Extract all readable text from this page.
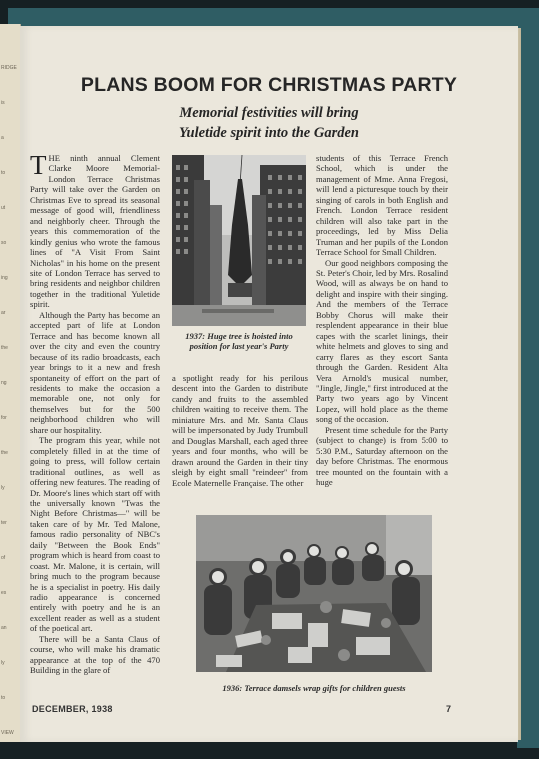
RIDGE
is
a
to
ut
so
ing
ar
the
ng
for
the
ly
ter
of
es
an
ly
to
VIEW
PLANS BOOM FOR CHRISTMAS PARTY
Memorial festivities will bring
Yuletide spirit into the Garden

THE ninth annual Clement Clarke Moore Memorial-London Terrace Christmas Party will take over the Garden on Christmas Eve to spread its seasonal message of good will, friendliness and neighborly cheer. Through the years this commemoration of the kindly genius who wrote the famous lines of "A Visit From Saint Nicholas" in his home on the present site of London Terrace has served to bring residents and neighbor children together in the traditional Yuletide spirit.

Although the Party has become an accepted part of life at London Terrace and has become known all over the city and even the country because of its radio broadcasts, each year brings to it a new and fresh spontaneity of effort on the part of residents to make the occasion a memorable one, not only for themselves but for the 500 neighborhood children who will share our hospitality.

The program this year, while not completely filled in at the time of going to press, will follow certain traditional outlines, as well as offering new features. The reading of Dr. Moore's lines which start off with the universally known "Twas the Night Before Christmas—" will be taken care of by Mr. Ted Malone, famous radio personality of NBC's daily "Between the Book Ends" program which is heard from coast to coast. Mr. Malone, it is certain, will bring much to the program because he is a specialist in poetry. His daily radio appearance is concerned entirely with poetry and he is an excellent reader as well as a student of the poetical art.

There will be a Santa Claus of course, who will make his dramatic appearance at the top of the 470 Building in the glare of

1937: Huge tree is hoisted into position for last year's Party

a spotlight ready for his perilous descent into the Garden to distribute candy and fruits to the assembled children waiting to receive them. The miniature Mrs. and Mr. Santa Claus will be impersonated by Judy Trumbull and Douglas Marshall, each aged three years and four months, who will be drawn around the Garden in their tiny sleigh by eight small "reindeer" from Ecole Maternelle Française. The other

students of this Terrace French School, which is under the management of Mme. Anna Fregosi, will lend a picturesque touch by their singing of carols in both English and French. London Terrace resident children will also take part in the proceedings, led by Miss Delia Truman and her pupils of the London Terrace School for Small Children.

Our good neighbors composing the St. Peter's Choir, led by Mrs. Rosalind Wood, will as always be on hand to delight and inspire with their singing. And the members of the Terrace Bobby Chorus will make their resplendent appearance in their blue capes with the scarlet linings, their white helmets and gloves to sing and carry flares as they escort Santa through the Garden. Resident Alta Vera Arnold's musical number, "Jingle, Jingle," first introduced at the Party two years ago by Vincent Lopez, will hold place as the theme song of the occasion.

Present time schedule for the Party (subject to change) is from 5:00 to 5:30 P.M., Saturday afternoon on the day before Christmas. The enormous tree mounted on the fountain with a huge

1936: Terrace damsels wrap gifts for children guests
DECEMBER, 1938	7
